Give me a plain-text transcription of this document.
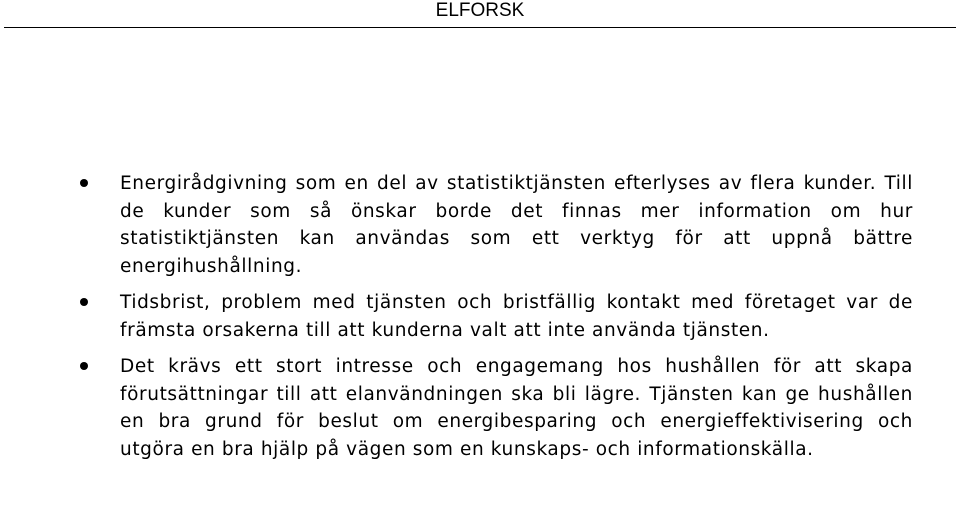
ELFORSK
Energirådgivning som en del av statistiktjänsten efterlyses av flera kunder. Till de kunder som så önskar borde det finnas mer information om hur statistiktjänsten kan användas som ett verktyg för att uppnå bättre energihushållning.
Tidsbrist, problem med tjänsten och bristfällig kontakt med företaget var de främsta orsakerna till att kunderna valt att inte använda tjänsten.
Det krävs ett stort intresse och engagemang hos hushållen för att skapa förutsättningar till att elanvändningen ska bli lägre. Tjänsten kan ge hushållen en bra grund för beslut om energibesparing och energieffektivisering och utgöra en bra hjälp på vägen som en kunskaps- och informationskälla.
